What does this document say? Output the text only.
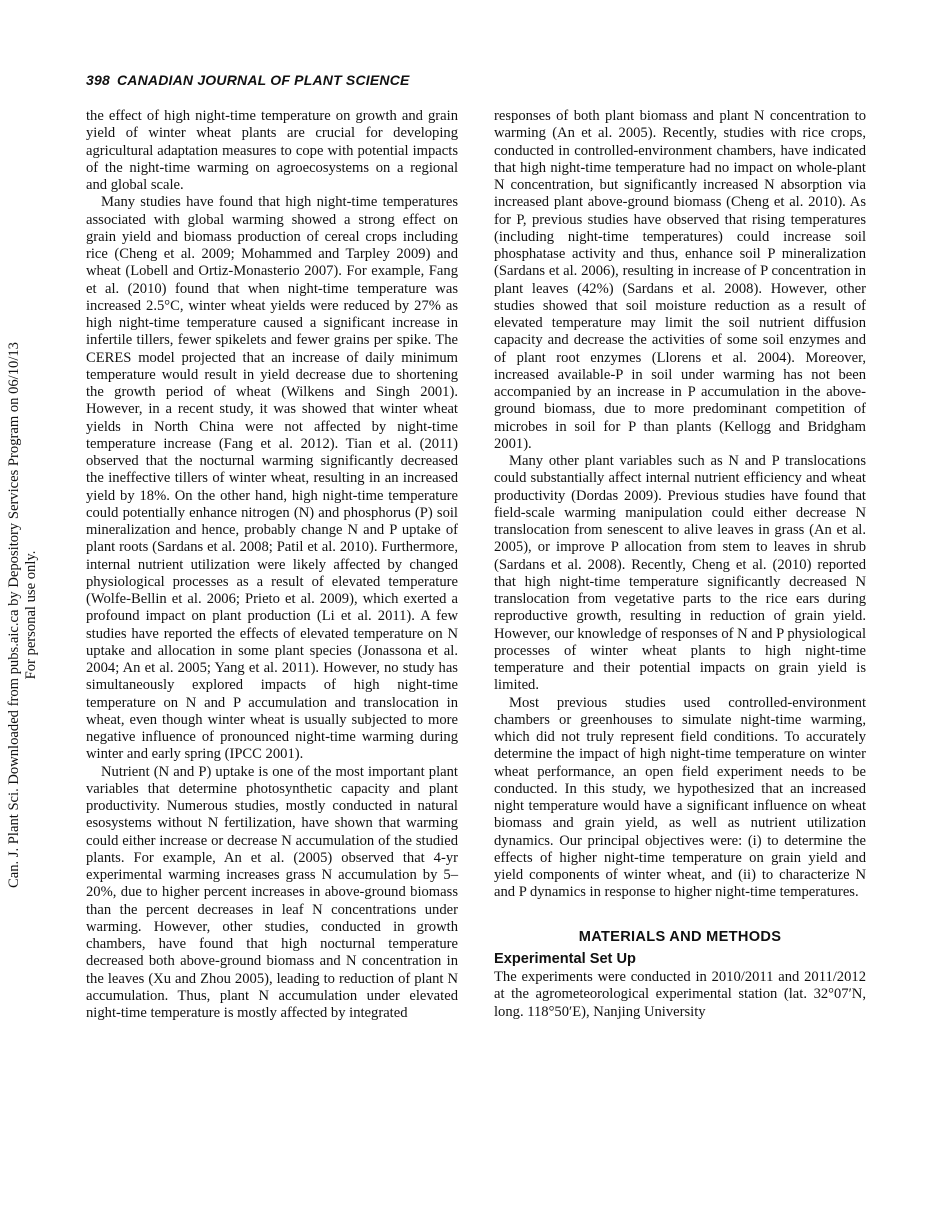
398 CANADIAN JOURNAL OF PLANT SCIENCE
Can. J. Plant Sci. Downloaded from pubs.aic.ca by Depository Services Program on 06/10/13 For personal use only.

the effect of high night-time temperature on growth and grain yield of winter wheat plants are crucial for developing agricultural adaptation measures to cope with potential impacts of the night-time warming on agroecosystems on a regional and global scale.

Many studies have found that high night-time temperatures associated with global warming showed a strong effect on grain yield and biomass production of cereal crops including rice (Cheng et al. 2009; Mohammed and Tarpley 2009) and wheat (Lobell and Ortiz-Monasterio 2007). For example, Fang et al. (2010) found that when night-time temperature was increased 2.5°C, winter wheat yields were reduced by 27% as high night-time temperature caused a significant increase in infertile tillers, fewer spikelets and fewer grains per spike. The CERES model projected that an increase of daily minimum temperature would result in yield decrease due to shortening the growth period of wheat (Wilkens and Singh 2001). However, in a recent study, it was showed that winter wheat yields in North China were not affected by night-time temperature increase (Fang et al. 2012). Tian et al. (2011) observed that the nocturnal warming significantly decreased the ineffective tillers of winter wheat, resulting in an increased yield by 18%. On the other hand, high night-time temperature could potentially enhance nitrogen (N) and phosphorus (P) soil mineralization and hence, probably change N and P uptake of plant roots (Sardans et al. 2008; Patil et al. 2010). Furthermore, internal nutrient utilization were likely affected by changed physiological processes as a result of elevated temperature (Wolfe-Bellin et al. 2006; Prieto et al. 2009), which exerted a profound impact on plant production (Li et al. 2011). A few studies have reported the effects of elevated temperature on N uptake and allocation in some plant species (Jonassona et al. 2004; An et al. 2005; Yang et al. 2011). However, no study has simultaneously explored impacts of high night-time temperature on N and P accumulation and translocation in wheat, even though winter wheat is usually subjected to more negative influence of pronounced night-time warming during winter and early spring (IPCC 2001).

Nutrient (N and P) uptake is one of the most important plant variables that determine photosynthetic capacity and plant productivity. Numerous studies, mostly conducted in natural esosystems without N fertilization, have shown that warming could either increase or decrease N accumulation of the studied plants. For example, An et al. (2005) observed that 4-yr experimental warming increases grass N accumulation by 5–20%, due to higher percent increases in above-ground biomass than the percent decreases in leaf N concentrations under warming. However, other studies, conducted in growth chambers, have found that high nocturnal temperature decreased both above-ground biomass and N concentration in the leaves (Xu and Zhou 2005), leading to reduction of plant N accumulation. Thus, plant N accumulation under elevated night-time temperature is mostly affected by integrated

responses of both plant biomass and plant N concentration to warming (An et al. 2005). Recently, studies with rice crops, conducted in controlled-environment chambers, have indicated that high night-time temperature had no impact on whole-plant N concentration, but significantly increased N absorption via increased plant above-ground biomass (Cheng et al. 2010). As for P, previous studies have observed that rising temperatures (including night-time temperatures) could increase soil phosphatase activity and thus, enhance soil P mineralization (Sardans et al. 2006), resulting in increase of P concentration in plant leaves (42%) (Sardans et al. 2008). However, other studies showed that soil moisture reduction as a result of elevated temperature may limit the soil nutrient diffusion capacity and decrease the activities of some soil enzymes and of plant root enzymes (Llorens et al. 2004). Moreover, increased available-P in soil under warming has not been accompanied by an increase in P accumulation in the above-ground biomass, due to more predominant competition of microbes in soil for P than plants (Kellogg and Bridgham 2001).

Many other plant variables such as N and P translocations could substantially affect internal nutrient efficiency and wheat productivity (Dordas 2009). Previous studies have found that field-scale warming manipulation could either decrease N translocation from senescent to alive leaves in grass (An et al. 2005), or improve P allocation from stem to leaves in shrub (Sardans et al. 2008). Recently, Cheng et al. (2010) reported that high night-time temperature significantly decreased N translocation from vegetative parts to the rice ears during reproductive growth, resulting in reduction of grain yield. However, our knowledge of responses of N and P physiological processes of winter wheat plants to high night-time temperature and their potential impacts on grain yield is limited.

Most previous studies used controlled-environment chambers or greenhouses to simulate night-time warming, which did not truly represent field conditions. To accurately determine the impact of high night-time temperature on winter wheat performance, an open field experiment needs to be conducted. In this study, we hypothesized that an increased night temperature would have a significant influence on wheat biomass and grain yield, as well as nutrient utilization dynamics. Our principal objectives were: (i) to determine the effects of higher night-time temperature on grain yield and yield components of winter wheat, and (ii) to characterize N and P dynamics in response to higher night-time temperatures.

MATERIALS AND METHODS
Experimental Set Up

The experiments were conducted in 2010/2011 and 2011/2012 at the agrometeorological experimental station (lat. 32°07′N, long. 118°50′E), Nanjing University
